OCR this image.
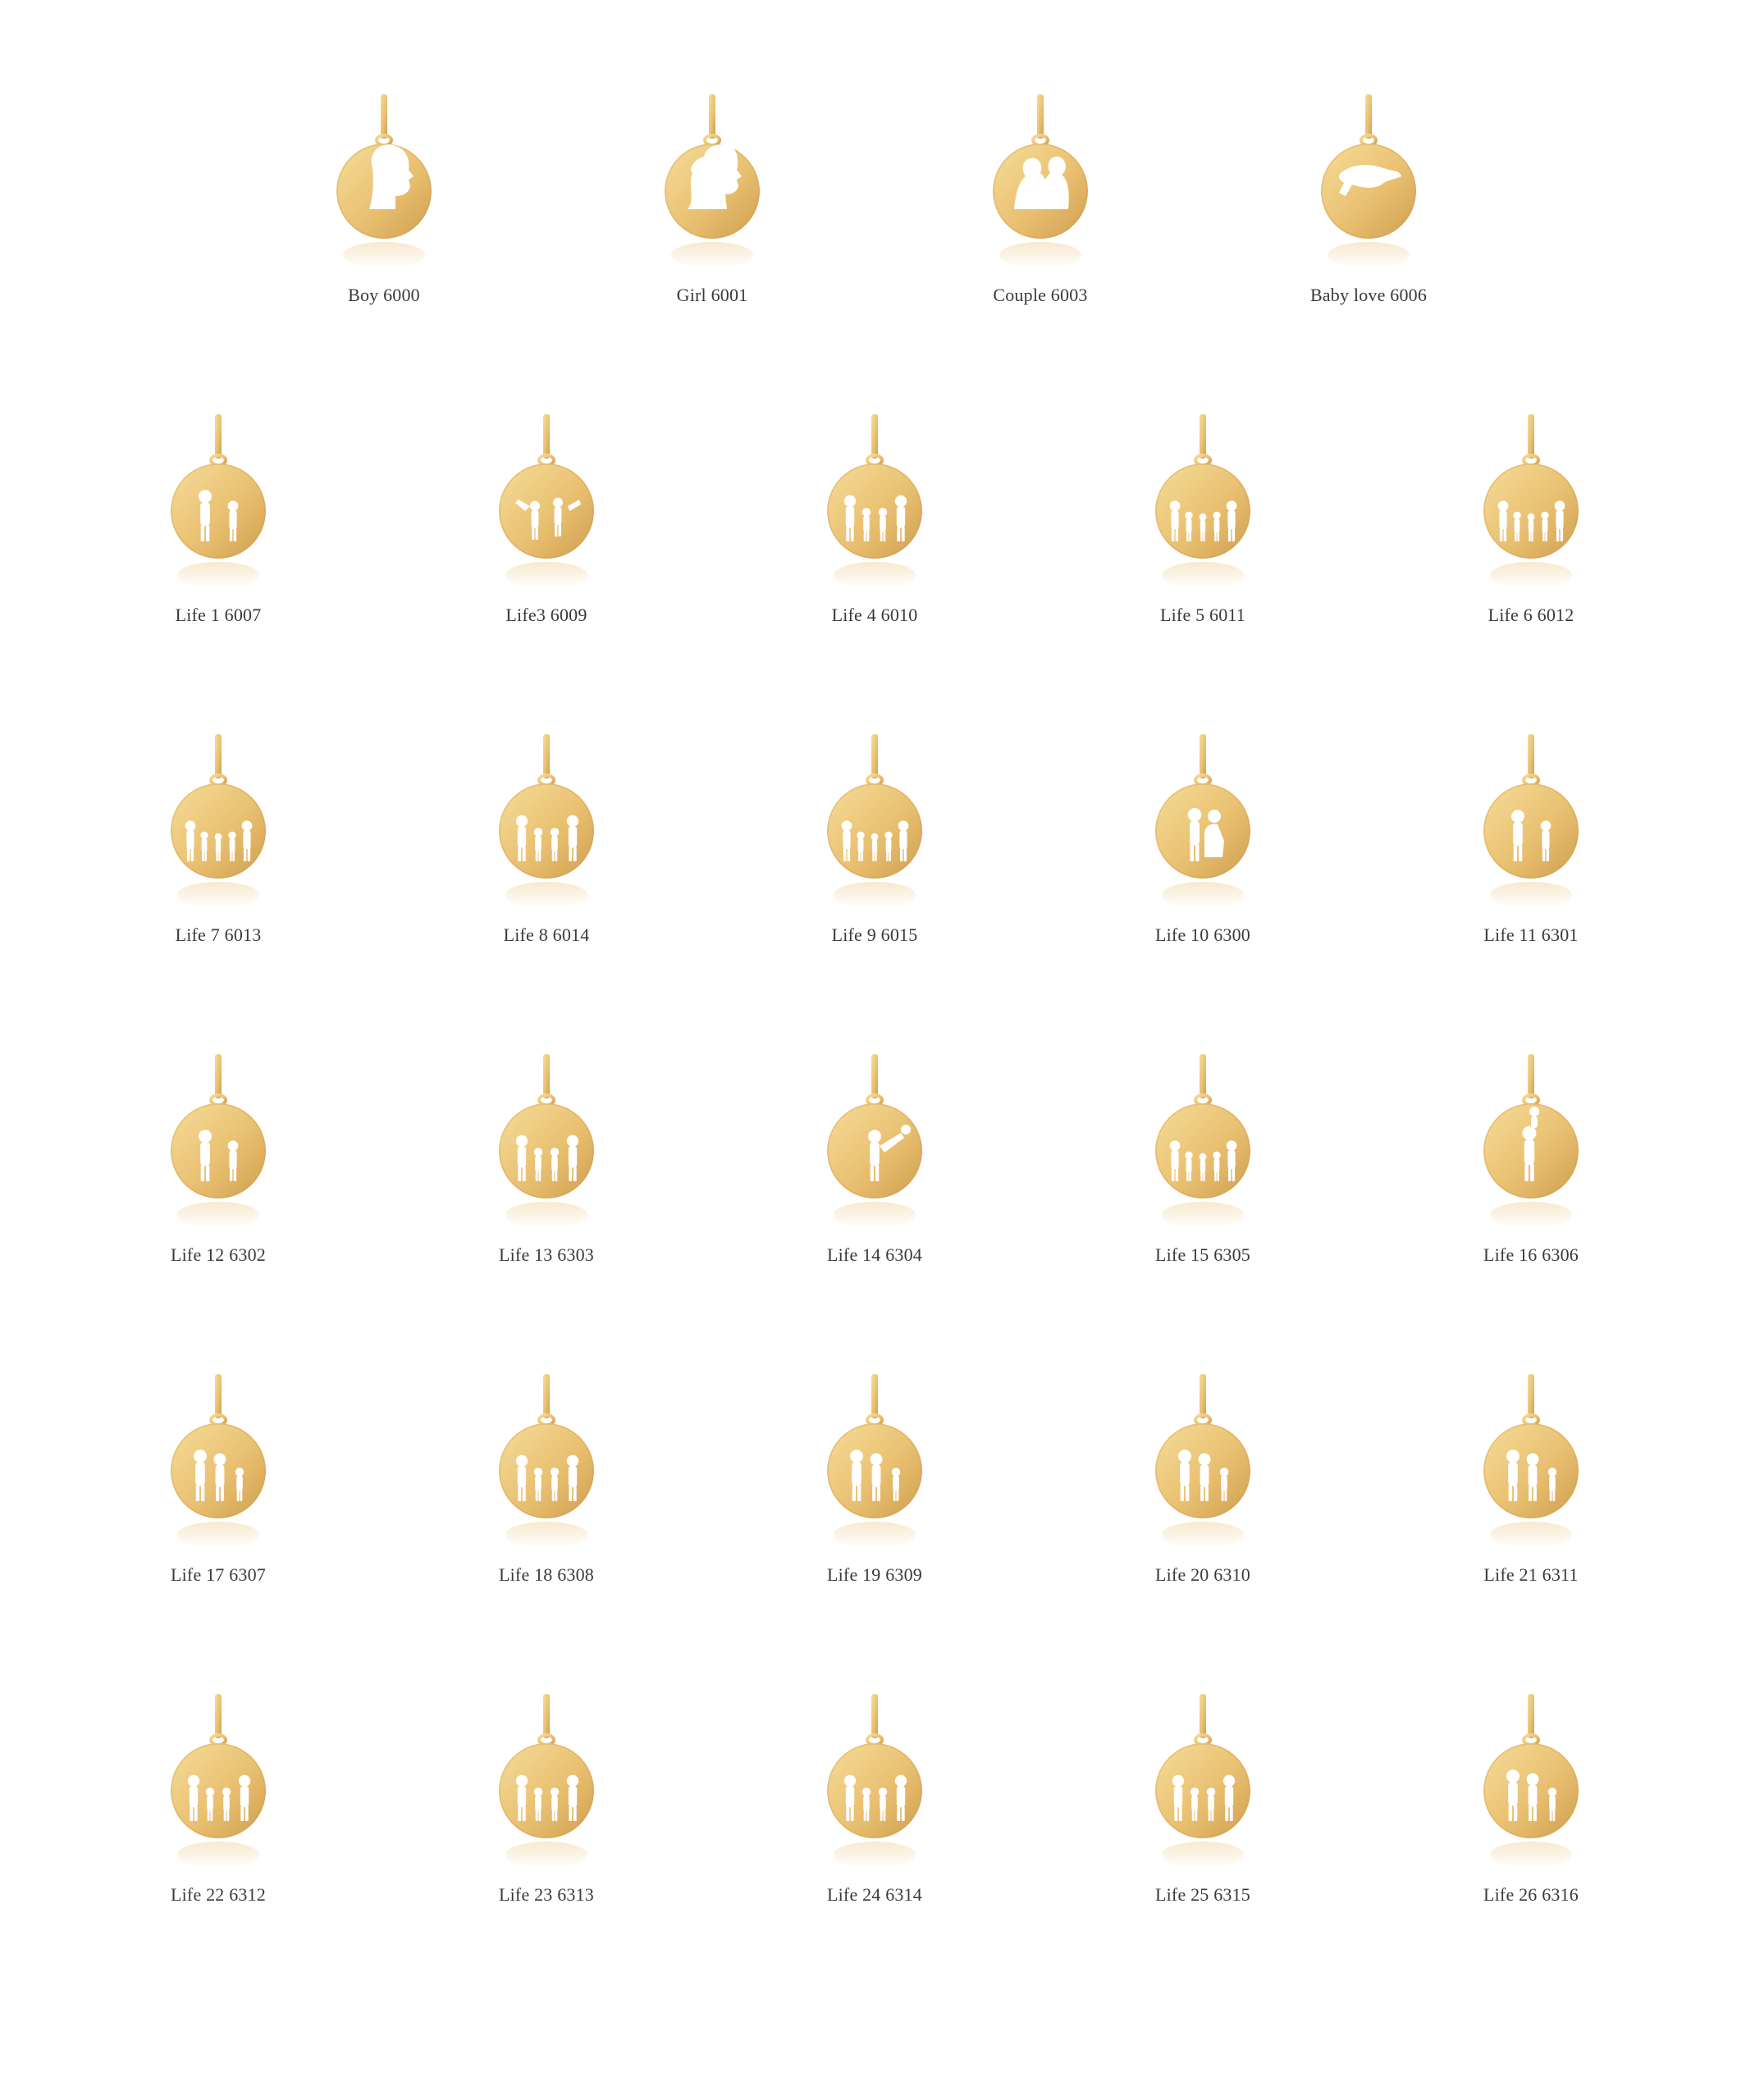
Boy 6000	Girl 6001	Couple 6003	Baby love 6006
Life 1 6007	Life3 6009	Life 4 6010	Life 5 6011	Life 6 6012
Life 7 6013	Life 8 6014	Life 9 6015	Life 10 6300	Life 11 6301
Life 12 6302	Life 13 6303	Life 14 6304	Life 15 6305	Life 16 6306
Life 17 6307	Life 18 6308	Life 19 6309	Life 20 6310	Life 21 6311
Life 22 6312	Life 23 6313	Life 24 6314	Life 25 6315	Life 26 6316
